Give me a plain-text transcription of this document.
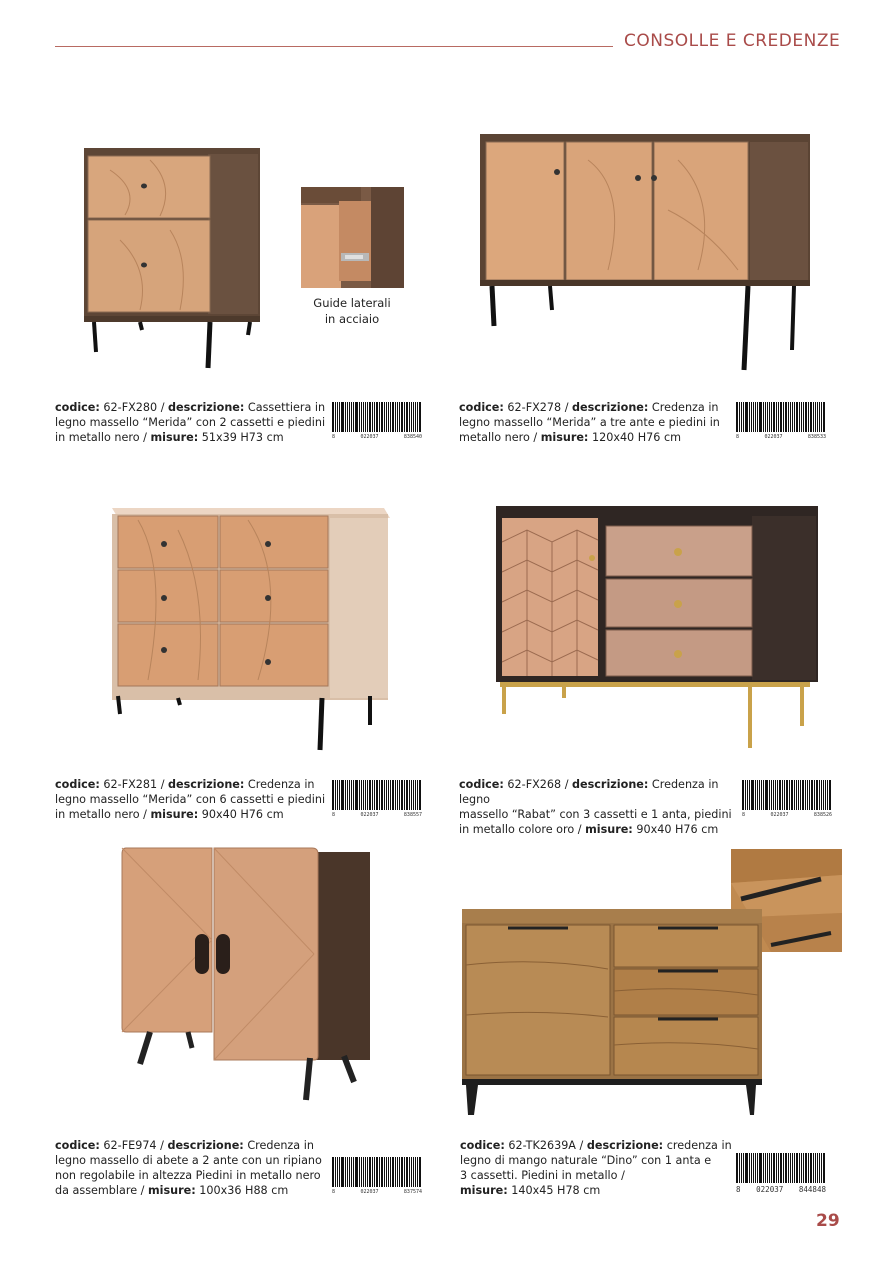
CONSOLLE E CREDENZE
Guide laterali
in acciaio
codice: 62-FX280 / descrizione: Cassettiera in
legno massello “Merida” con 2 cassetti e piedini
in metallo nero / misure: 51x39 H73 cm
codice: 62-FX278 / descrizione: Credenza in
legno massello “Merida” a tre ante e piedini in
metallo nero / misure: 120x40 H76 cm
codice: 62-FX281 / descrizione: Credenza in
legno massello “Merida” con 6 cassetti e piedini
in metallo nero / misure: 90x40 H76 cm
codice: 62-FX268 / descrizione: Credenza in legno
massello “Rabat” con 3 cassetti e 1 anta, piedini
in metallo colore oro / misure: 90x40 H76 cm
codice: 62-FE974 / descrizione: Credenza in
legno massello di abete a 2 ante con un ripiano
non regolabile in altezza Piedini in metallo nero
da assemblare / misure: 100x36 H88 cm
codice: 62-TK2639A / descrizione: credenza in
legno di mango naturale “Dino” con 1 anta e
3 cassetti. Piedini in metallo /
misure: 140x45 H78 cm
8	022037	838540	8	022037	838533
8	022037	838557	8	022037	838526
8	022037	837574	8 022037 844848
29
